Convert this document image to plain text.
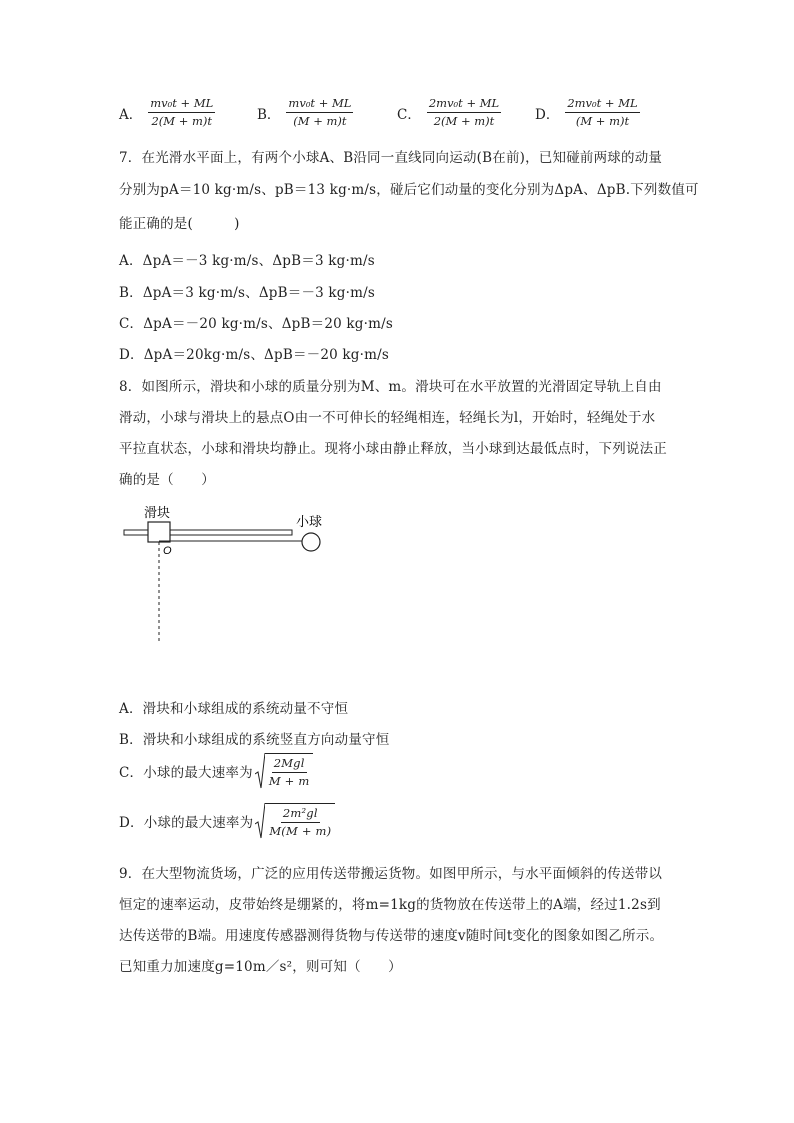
A． $\frac{\text{mv₀t + ML}}{2(M + m)t}$	B． $\frac{\text{mv₀t + ML}}{(M + m)t}$	C． $\frac{\text{2mv₀t + ML}}{2(M + m)t}$	D． $\frac{\text{2mv₀t + ML}}{(M + m)t}$
7．在光滑水平面上，有两个小球A、B沿同一直线同向运动(B在前)，已知碰前两球的动量
分别为pA＝10 kg·m/s、pB＝13 kg·m/s，碰后它们动量的变化分别为ΔpA、ΔpB.下列数值可
能正确的是(　　　)
A．ΔpA＝－3 kg·m/s、ΔpB＝3 kg·m/s
B．ΔpA＝3 kg·m/s、ΔpB＝－3 kg·m/s
C．ΔpA＝－20 kg·m/s、ΔpB＝20 kg·m/s
D．ΔpA＝20kg·m/s、ΔpB＝－20 kg·m/s
8．如图所示，滑块和小球的质量分别为M、m。滑块可在水平放置的光滑固定导轨上自由
滑动，小球与滑块上的悬点O由一不可伸长的轻绳相连，轻绳长为l，开始时，轻绳处于水
平拉直状态，小球和滑块均静止。现将小球由静止释放，当小球到达最低点时，下列说法正
确的是（　　）
滑块
小球
O
A．滑块和小球组成的系统动量不守恒
B．滑块和小球组成的系统竖直方向动量守恒
C．小球的最大速率为 $\frac{\text{2Mgl}}{M + m}$
D．小球的最大速率为 $\frac{\text{2m²gl}}{M(M + m)}$
9．在大型物流货场，广泛的应用传送带搬运货物。如图甲所示，与水平面倾斜的传送带以
恒定的速率运动，皮带始终是绷紧的，将m=1kg的货物放在传送带上的A端，经过1.2s到
达传送带的B端。用速度传感器测得货物与传送带的速度v随时间t变化的图象如图乙所示。
已知重力加速度g=10m／s²，则可知（　　）
